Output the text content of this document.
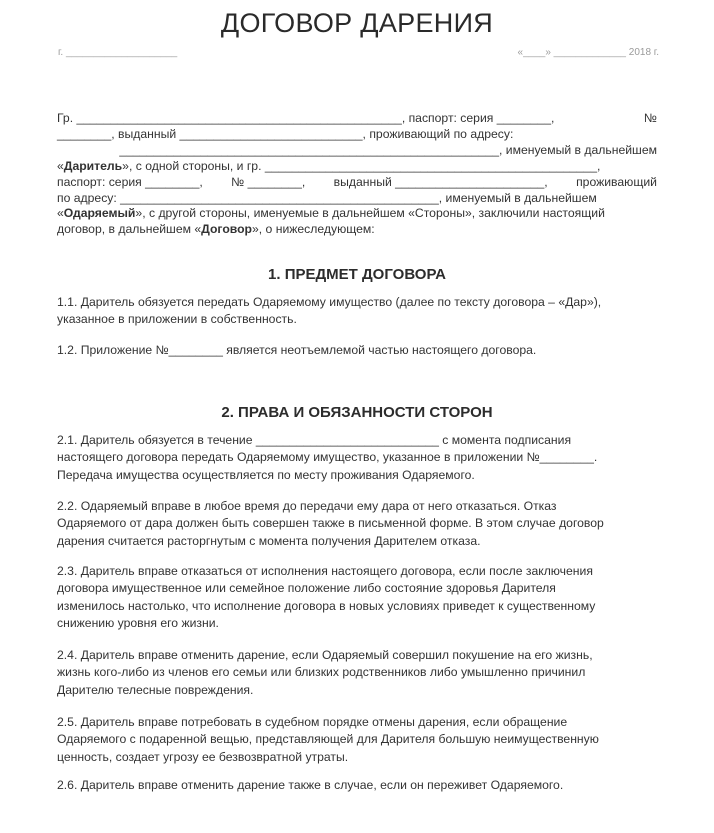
ДОГОВОР ДАРЕНИЯ
г. ____________________	«____» _____________ 2018 г.
Гр. ________________________________________________, паспорт: серия ________,	№
________, выданный ___________________________, проживающий по адресу:
________________________________________________________, именуемый в дальнейшем
«Даритель», с одной стороны, и гр. _________________________________________________,
паспорт: серия ________, № ________, выданный ______________________, проживающий
по адресу: _______________________________________________, именуемый в дальнейшем
«Одаряемый», с другой стороны, именуемые в дальнейшем «Стороны», заключили настоящий
договор, в дальнейшем «Договор», о нижеследующем:
1. ПРЕДМЕТ ДОГОВОРА
1.1. Даритель обязуется передать Одаряемому имущество (далее по тексту договора – «Дар»),
указанное в приложении в собственность.
1.2. Приложение №________ является неотъемлемой частью настоящего договора.
2. ПРАВА И ОБЯЗАННОСТИ СТОРОН
2.1. Даритель обязуется в течение ___________________________ с момента подписания
настоящего договора передать Одаряемому имущество, указанное в приложении №________.
Передача имущества осуществляется по месту проживания Одаряемого.
2.2. Одаряемый вправе в любое время до передачи ему дара от него отказаться. Отказ
Одаряемого от дара должен быть совершен также в письменной форме. В этом случае договор
дарения считается расторгнутым с момента получения Дарителем отказа.
2.3. Даритель вправе отказаться от исполнения настоящего договора, если после заключения
договора имущественное или семейное положение либо состояние здоровья Дарителя
изменилось настолько, что исполнение договора в новых условиях приведет к существенному
снижению уровня его жизни.
2.4. Даритель вправе отменить дарение, если Одаряемый совершил покушение на его жизнь,
жизнь кого-либо из членов его семьи или близких родственников либо умышленно причинил
Дарителю телесные повреждения.
2.5. Даритель вправе потребовать в судебном порядке отмены дарения, если обращение
Одаряемого с подаренной вещью, представляющей для Дарителя большую неимущественную
ценность, создает угрозу ее безвозвратной утраты.
2.6. Даритель вправе отменить дарение также в случае, если он переживет Одаряемого.
